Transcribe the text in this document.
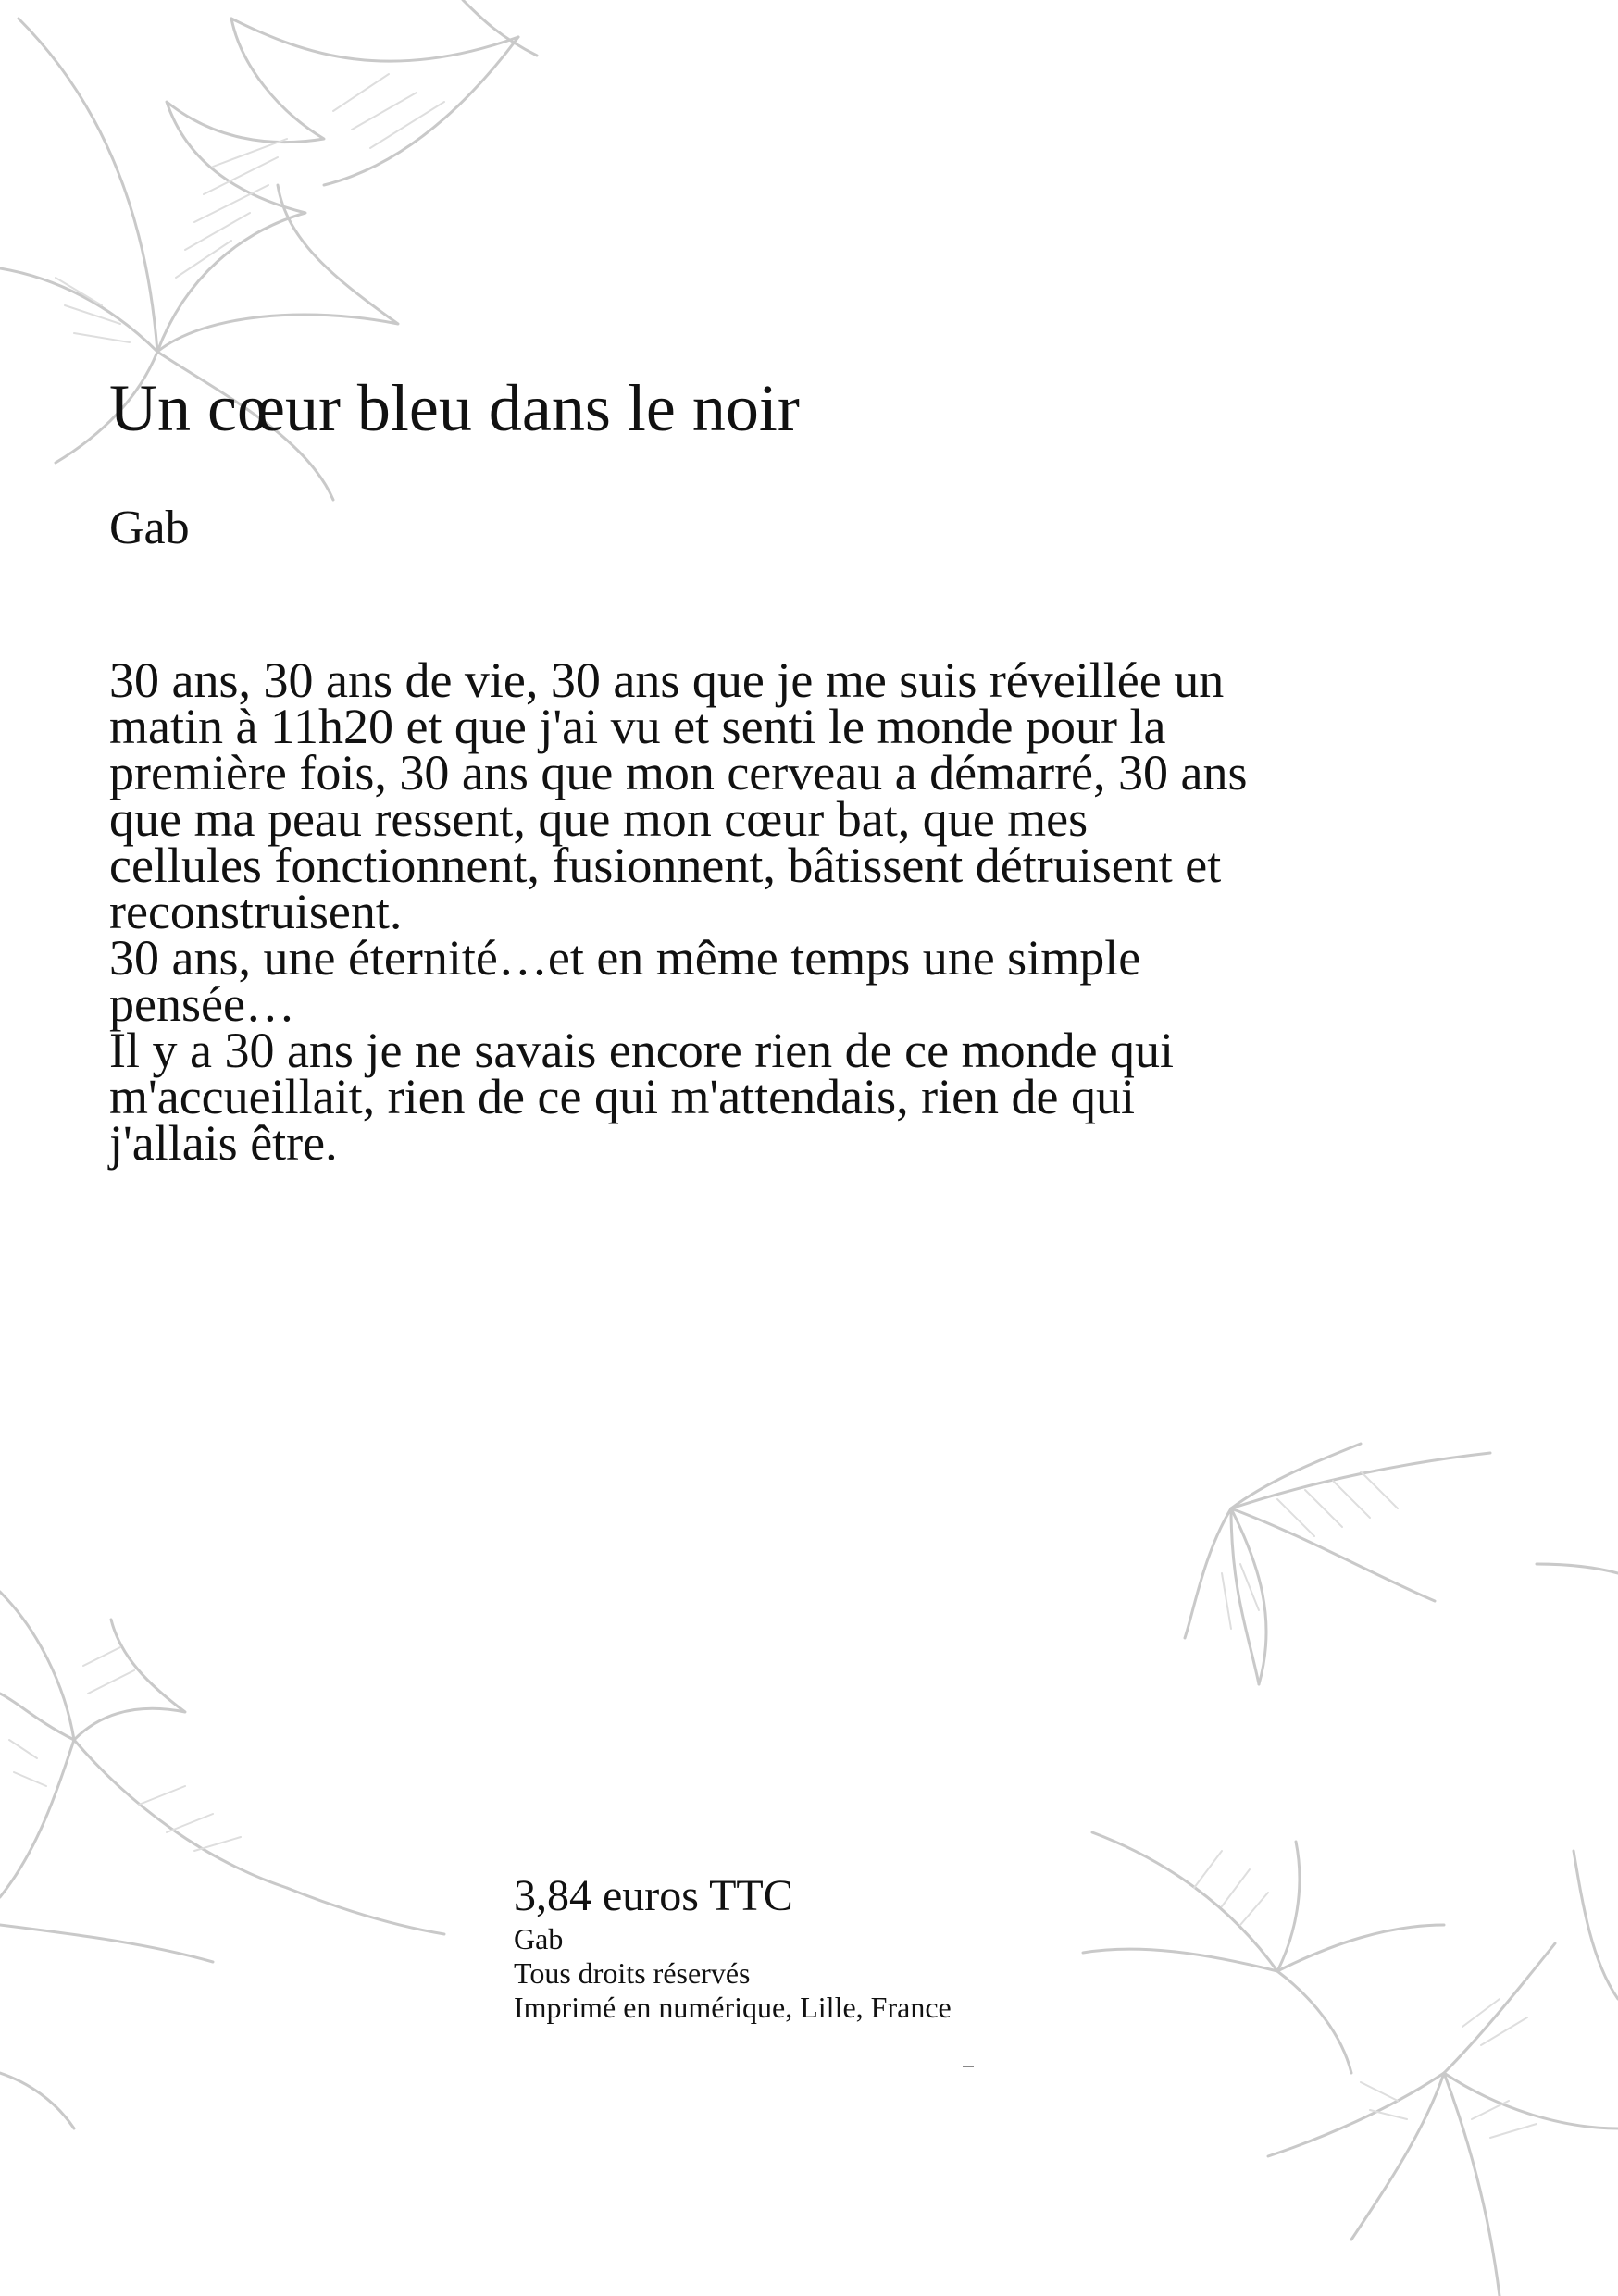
Un cœur bleu dans le noir
Gab

30 ans, 30 ans de vie, 30 ans que je me suis réveillée un matin à 11h20 et que j'ai vu et senti le monde pour la première fois, 30 ans que mon cerveau a démarré, 30 ans que ma peau ressent, que mon cœur bat, que mes cellules fonctionnent, fusionnent, bâtissent détruisent et reconstruisent.

30 ans, une éternité…et en même temps une simple pensée…

Il y a 30 ans je ne savais encore rien de ce monde qui m'accueillait, rien de ce qui m'attendais, rien de qui j'allais être.

3,84 euros TTC
Gab
Tous droits réservés
Imprimé en numérique, Lille, France
